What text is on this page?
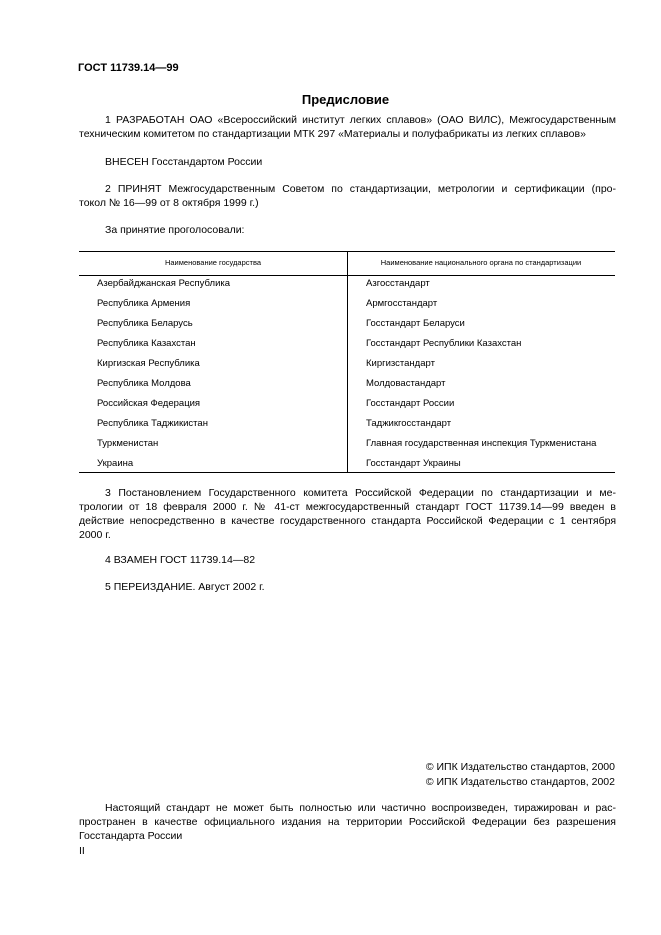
ГОСТ 11739.14—99
Предисловие
1 РАЗРАБОТАН ОАО «Всероссийский институт легких сплавов» (ОАО ВИЛС), Межгосударственным
техническим комитетом по стандартизации МТК 297 «Материалы и полуфабрикаты из легких сплавов»
ВНЕСЕН Госстандартом России
2 ПРИНЯТ Межгосударственным Советом по стандартизации, метрологии и сертификации (про-
токол № 16—99 от 8 октября 1999 г.)
За принятие проголосовали:
Наименование государства	Наименование национального органа по стандартизации
Азербайджанская Республика	Азгосстандарт
Республика Армения	Армгосстандарт
Республика Беларусь	Госстандарт Беларуси
Республика Казахстан	Госстандарт Республики Казахстан
Киргизская Республика	Киргизстандарт
Республика Молдова	Молдовастандарт
Российская Федерация	Госстандарт России
Республика Таджикистан	Таджикгосстандарт
Туркменистан	Главная государственная инспекция Туркменистана
Украина	Госстандарт Украины
3 Постановлением Государственного комитета Российской Федерации по стандартизации и ме-
трологии от 18 февраля 2000 г. № 41-ст межгосударственный стандарт ГОСТ 11739.14—99 введен в
действие непосредственно в качестве государственного стандарта Российской Федерации с 1 сентября
2000 г.
4 ВЗАМЕН ГОСТ 11739.14—82
5 ПЕРЕИЗДАНИЕ. Август 2002 г.
© ИПК Издательство стандартов, 2000
© ИПК Издательство стандартов, 2002
Настоящий стандарт не может быть полностью или частично воспроизведен, тиражирован и рас-
пространен в качестве официального издания на территории Российской Федерации без разрешения
Госстандарта России
II
